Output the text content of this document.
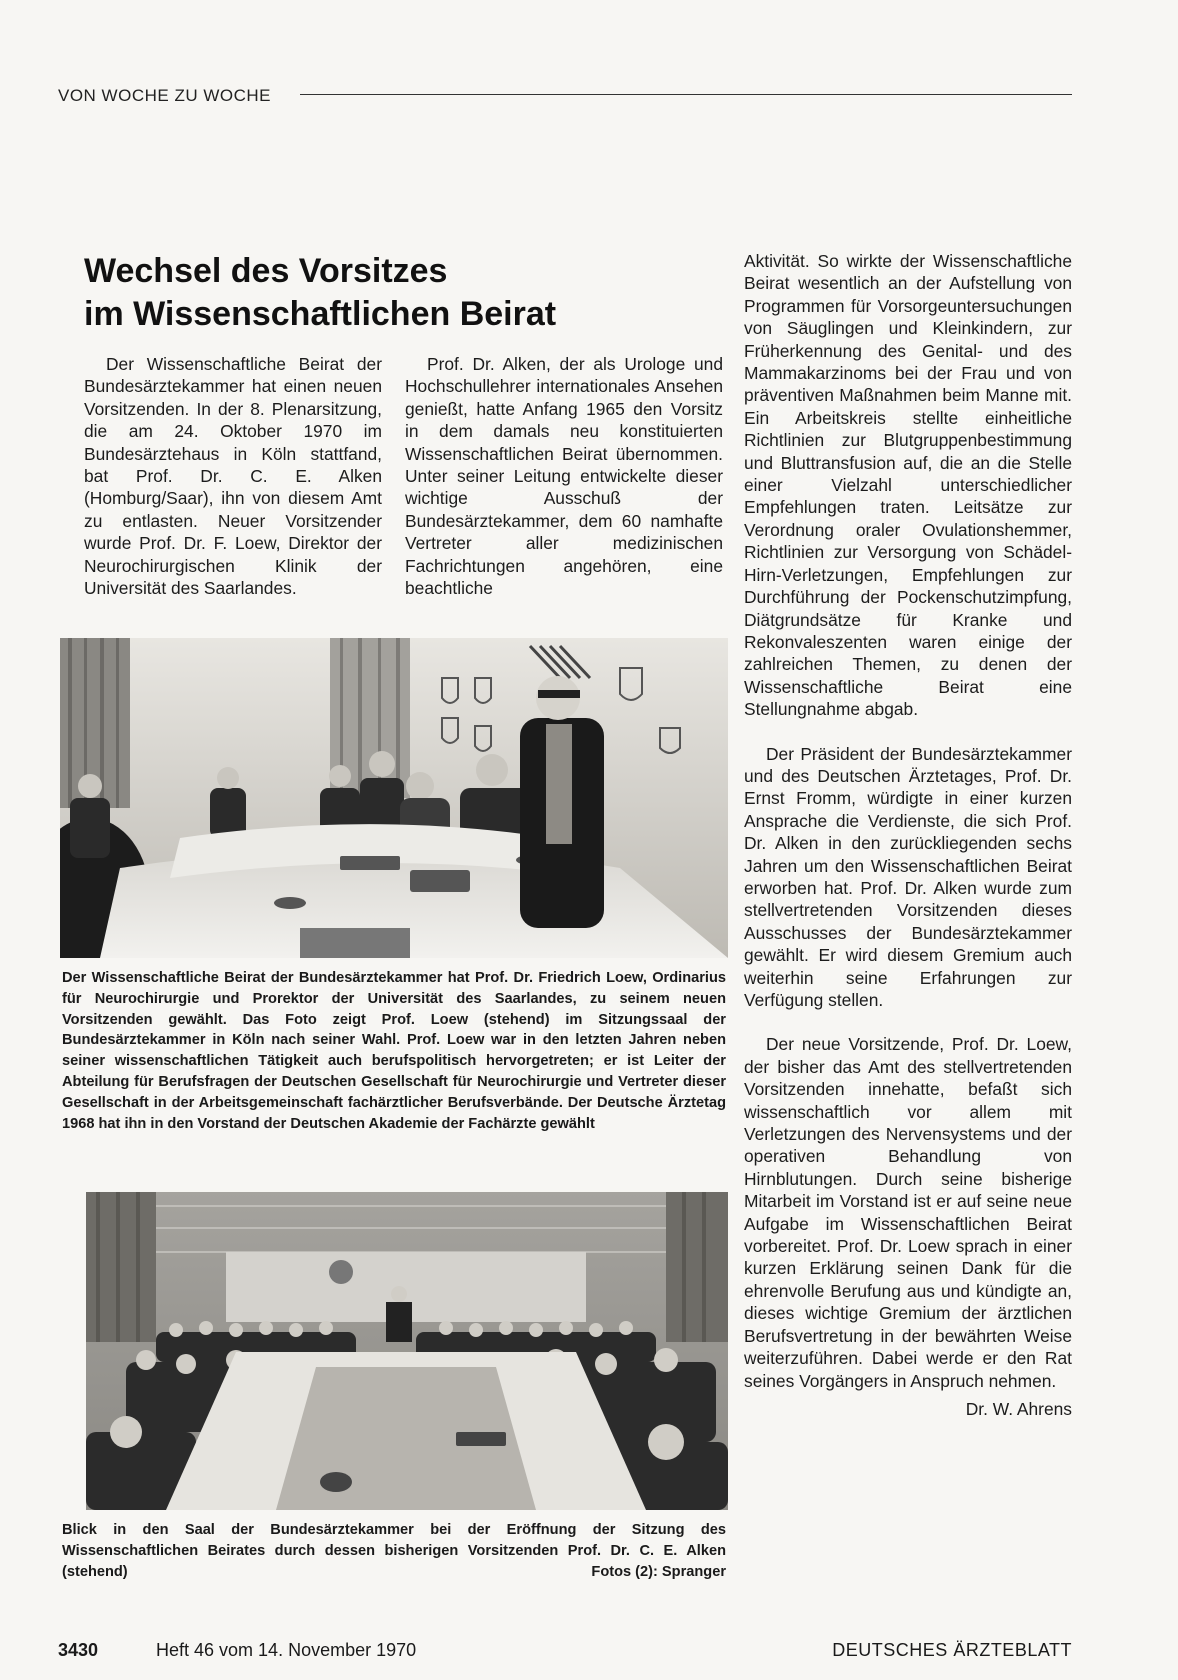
VON WOCHE ZU WOCHE
Wechsel des Vorsitzes
im Wissenschaftlichen Beirat

Der Wissenschaftliche Beirat der Bundesärztekammer hat einen neuen Vorsitzenden. In der 8. Plenarsitzung, die am 24. Oktober 1970 im Bundesärztehaus in Köln stattfand, bat Prof. Dr. C. E. Alken (Homburg/Saar), ihn von diesem Amt zu entlasten. Neuer Vorsitzender wurde Prof. Dr. F. Loew, Direktor der Neurochirurgischen Klinik der Universität des Saarlandes.

Prof. Dr. Alken, der als Urologe und Hochschullehrer internationales Ansehen genießt, hatte Anfang 1965 den Vorsitz in dem damals neu konstituierten Wissenschaftlichen Beirat übernommen. Unter seiner Leitung entwickelte dieser wichtige Ausschuß der Bundesärztekammer, dem 60 namhafte Vertreter aller medizinischen Fachrichtungen angehören, eine beachtliche

Aktivität. So wirkte der Wissenschaftliche Beirat wesentlich an der Aufstellung von Programmen für Vorsorgeuntersuchungen von Säuglingen und Kleinkindern, zur Früherkennung des Genital- und des Mammakarzinoms bei der Frau und von präventiven Maßnahmen beim Manne mit. Ein Arbeitskreis stellte einheitliche Richtlinien zur Blutgruppenbestimmung und Bluttransfusion auf, die an die Stelle einer Vielzahl unterschiedlicher Empfehlungen traten. Leitsätze zur Verordnung oraler Ovulationshemmer, Richtlinien zur Versorgung von Schädel-Hirn-Verletzungen, Empfehlungen zur Durchführung der Pockenschutzimpfung, Diätgrundsätze für Kranke und Rekonvaleszenten waren einige der zahlreichen Themen, zu denen der Wissenschaftliche Beirat eine Stellungnahme abgab.

Der Präsident der Bundesärztekammer und des Deutschen Ärztetages, Prof. Dr. Ernst Fromm, würdigte in einer kurzen Ansprache die Verdienste, die sich Prof. Dr. Alken in den zurückliegenden sechs Jahren um den Wissenschaftlichen Beirat erworben hat. Prof. Dr. Alken wurde zum stellvertretenden Vorsitzenden dieses Ausschusses der Bundesärztekammer gewählt. Er wird diesem Gremium auch weiterhin seine Erfahrungen zur Verfügung stellen.

Der neue Vorsitzende, Prof. Dr. Loew, der bisher das Amt des stellvertretenden Vorsitzenden innehatte, befaßt sich wissenschaftlich vor allem mit Verletzungen des Nervensystems und der operativen Behandlung von Hirnblutungen. Durch seine bisherige Mitarbeit im Vorstand ist er auf seine neue Aufgabe im Wissenschaftlichen Beirat vorbereitet. Prof. Dr. Loew sprach in einer kurzen Erklärung seinen Dank für die ehrenvolle Berufung aus und kündigte an, dieses wichtige Gremium der ärztlichen Berufsvertretung in der bewährten Weise weiterzuführen. Dabei werde er den Rat seines Vorgängers in Anspruch nehmen.

Dr. W. Ahrens
Der Wissenschaftliche Beirat der Bundesärztekammer hat Prof. Dr. Friedrich Loew, Ordinarius für Neurochirurgie und Prorektor der Universität des Saarlandes, zu seinem neuen Vorsitzenden gewählt. Das Foto zeigt Prof. Loew (stehend) im Sitzungssaal der Bundesärztekammer in Köln nach seiner Wahl. Prof. Loew war in den letzten Jahren neben seiner wissenschaftlichen Tätigkeit auch berufspolitisch hervorgetreten; er ist Leiter der Abteilung für Berufsfragen der Deutschen Gesellschaft für Neurochirurgie und Vertreter dieser Gesellschaft in der Arbeitsgemeinschaft fachärztlicher Berufsverbände. Der Deutsche Ärztetag 1968 hat ihn in den Vorstand der Deutschen Akademie der Fachärzte gewählt
Blick in den Saal der Bundesärztekammer bei der Eröffnung der Sitzung des Wissenschaftlichen Beirates durch dessen bisherigen Vorsitzenden Prof. Dr. C. E. Alken (stehend)	Fotos (2): Spranger
3430	Heft 46 vom 14. November 1970	DEUTSCHES ÄRZTEBLATT
